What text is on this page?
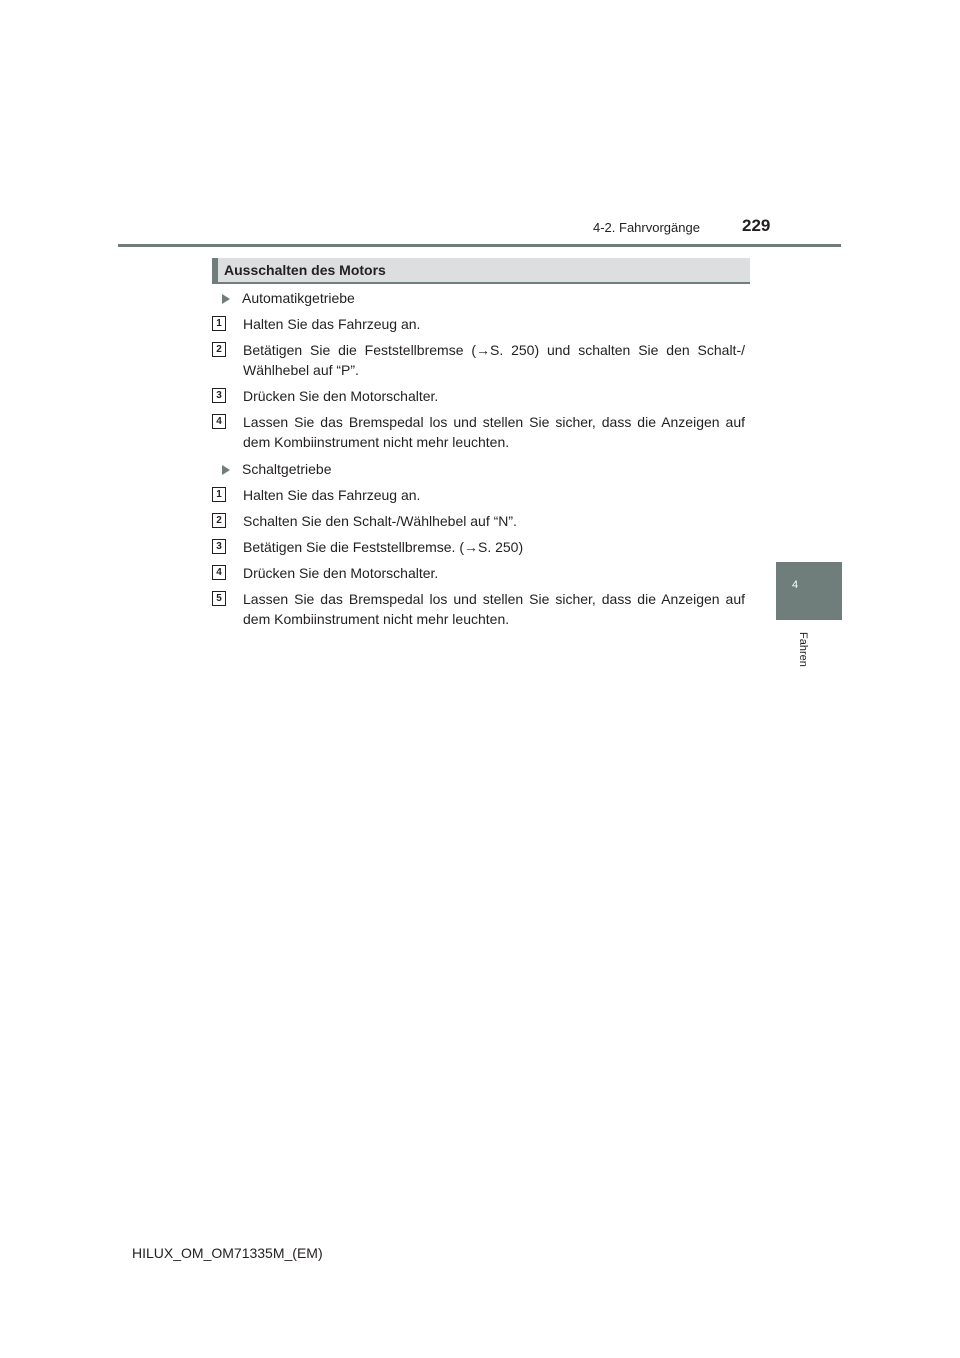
4-2. Fahrvorgänge 229
4
Fahren
Ausschalten des Motors
Automatikgetriebe
1	Halten Sie das Fahrzeug an.
2	Betätigen Sie die Feststellbremse (→S. 250) und schalten Sie den Schalt-/ Wählhebel auf “P”.
3	Drücken Sie den Motorschalter.
4	Lassen Sie das Bremspedal los und stellen Sie sicher, dass die Anzeigen auf dem Kombiinstrument nicht mehr leuchten.
Schaltgetriebe
1	Halten Sie das Fahrzeug an.
2	Schalten Sie den Schalt-/Wählhebel auf “N”.
3	Betätigen Sie die Feststellbremse. (→S. 250)
4	Drücken Sie den Motorschalter.
5	Lassen Sie das Bremspedal los und stellen Sie sicher, dass die Anzeigen auf dem Kombiinstrument nicht mehr leuchten.
HILUX_OM_OM71335M_(EM)
